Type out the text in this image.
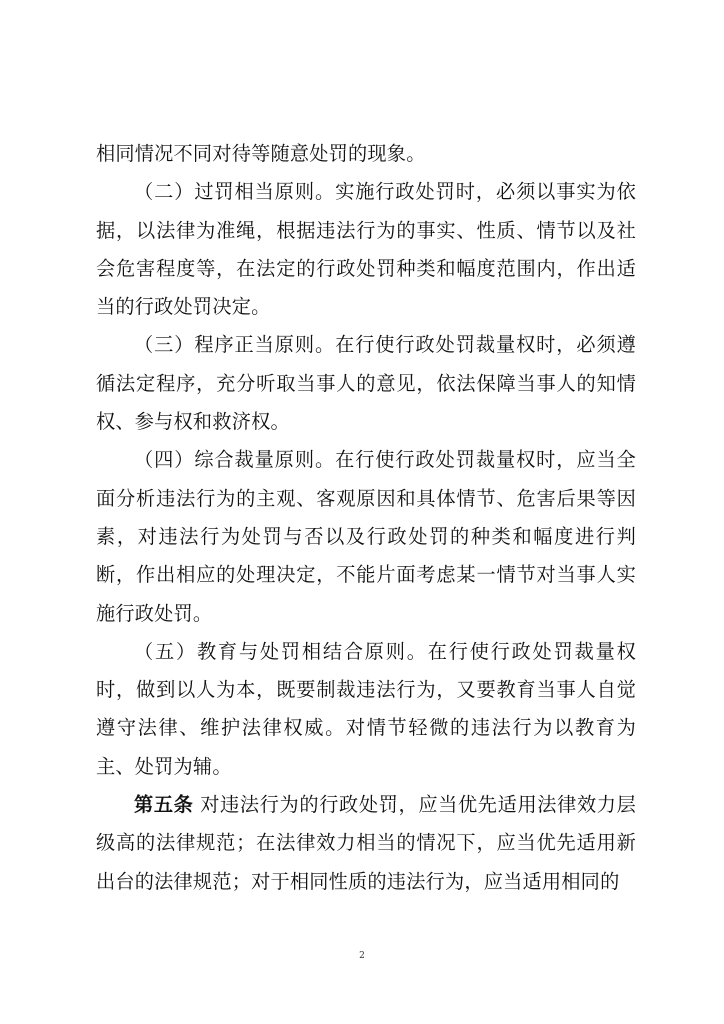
相同情况不同对待等随意处罚的现象。

（二）过罚相当原则。实施行政处罚时，必须以事实为依据，以法律为准绳，根据违法行为的事实、性质、情节以及社会危害程度等，在法定的行政处罚种类和幅度范围内，作出适当的行政处罚决定。

（三）程序正当原则。在行使行政处罚裁量权时，必须遵循法定程序，充分听取当事人的意见，依法保障当事人的知情权、参与权和救济权。

（四）综合裁量原则。在行使行政处罚裁量权时，应当全面分析违法行为的主观、客观原因和具体情节、危害后果等因素，对违法行为处罚与否以及行政处罚的种类和幅度进行判断，作出相应的处理决定，不能片面考虑某一情节对当事人实施行政处罚。

（五）教育与处罚相结合原则。在行使行政处罚裁量权时，做到以人为本，既要制裁违法行为，又要教育当事人自觉遵守法律、维护法律权威。对情节轻微的违法行为以教育为主、处罚为辅。

第五条 对违法行为的行政处罚，应当优先适用法律效力层级高的法律规范；在法律效力相当的情况下，应当优先适用新出台的法律规范；对于相同性质的违法行为，应当适用相同的

2
